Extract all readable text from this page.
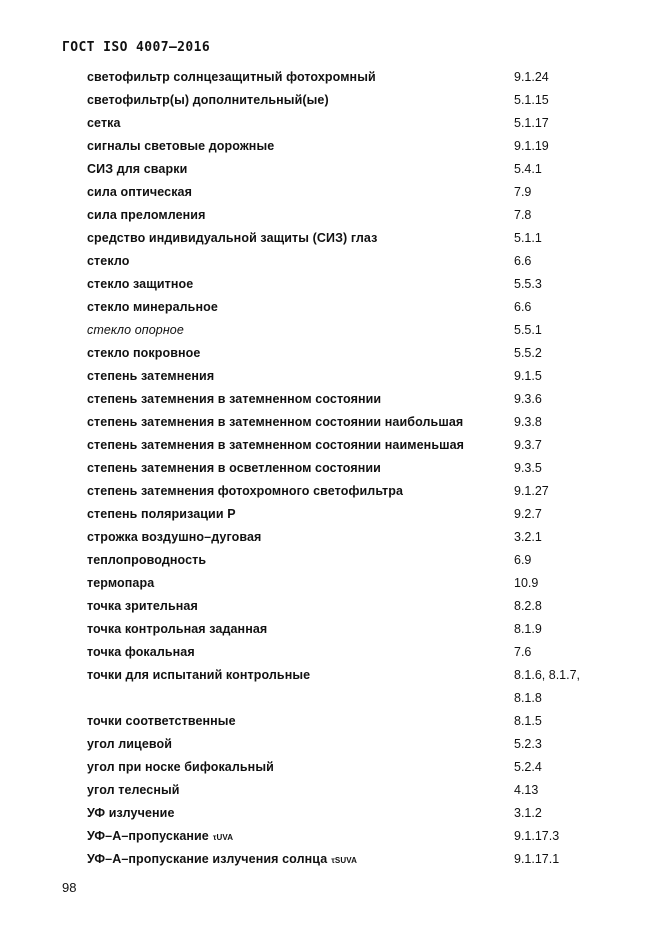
ГОСТ ISO 4007–2016
светофильтр солнцезащитный фотохромный	9.1.24
светофильтр(ы) дополнительный(ые)	5.1.15
сетка	5.1.17
сигналы световые дорожные	9.1.19
СИЗ для сварки	5.4.1
сила оптическая	7.9
сила преломления	7.8
средство индивидуальной защиты (СИЗ) глаз	5.1.1
стекло	6.6
стекло защитное	5.5.3
стекло минеральное	6.6
стекло опорное	5.5.1
стекло покровное	5.5.2
степень затемнения	9.1.5
степень затемнения в затемненном состоянии	9.3.6
степень затемнения в затемненном состоянии наибольшая	9.3.8
степень затемнения в затемненном состоянии наименьшая	9.3.7
степень затемнения в осветленном состоянии	9.3.5
степень затемнения фотохромного светофильтра	9.1.27
степень поляризации P	9.2.7
строжка воздушно–дуговая	3.2.1
теплопроводность	6.9
термопара	10.9
точка зрительная	8.2.8
точка контрольная заданная	8.1.9
точка фокальная	7.6
точки для испытаний контрольные	8.1.6, 8.1.7,
8.1.8
точки соответственные	8.1.5
угол лицевой	5.2.3
угол при носке бифокальный	5.2.4
угол телесный	4.13
УФ излучение	3.1.2
УФ–А–пропускание τUVA	9.1.17.3
УФ–А–пропускание излучения солнца τSUVA	9.1.17.1
98
